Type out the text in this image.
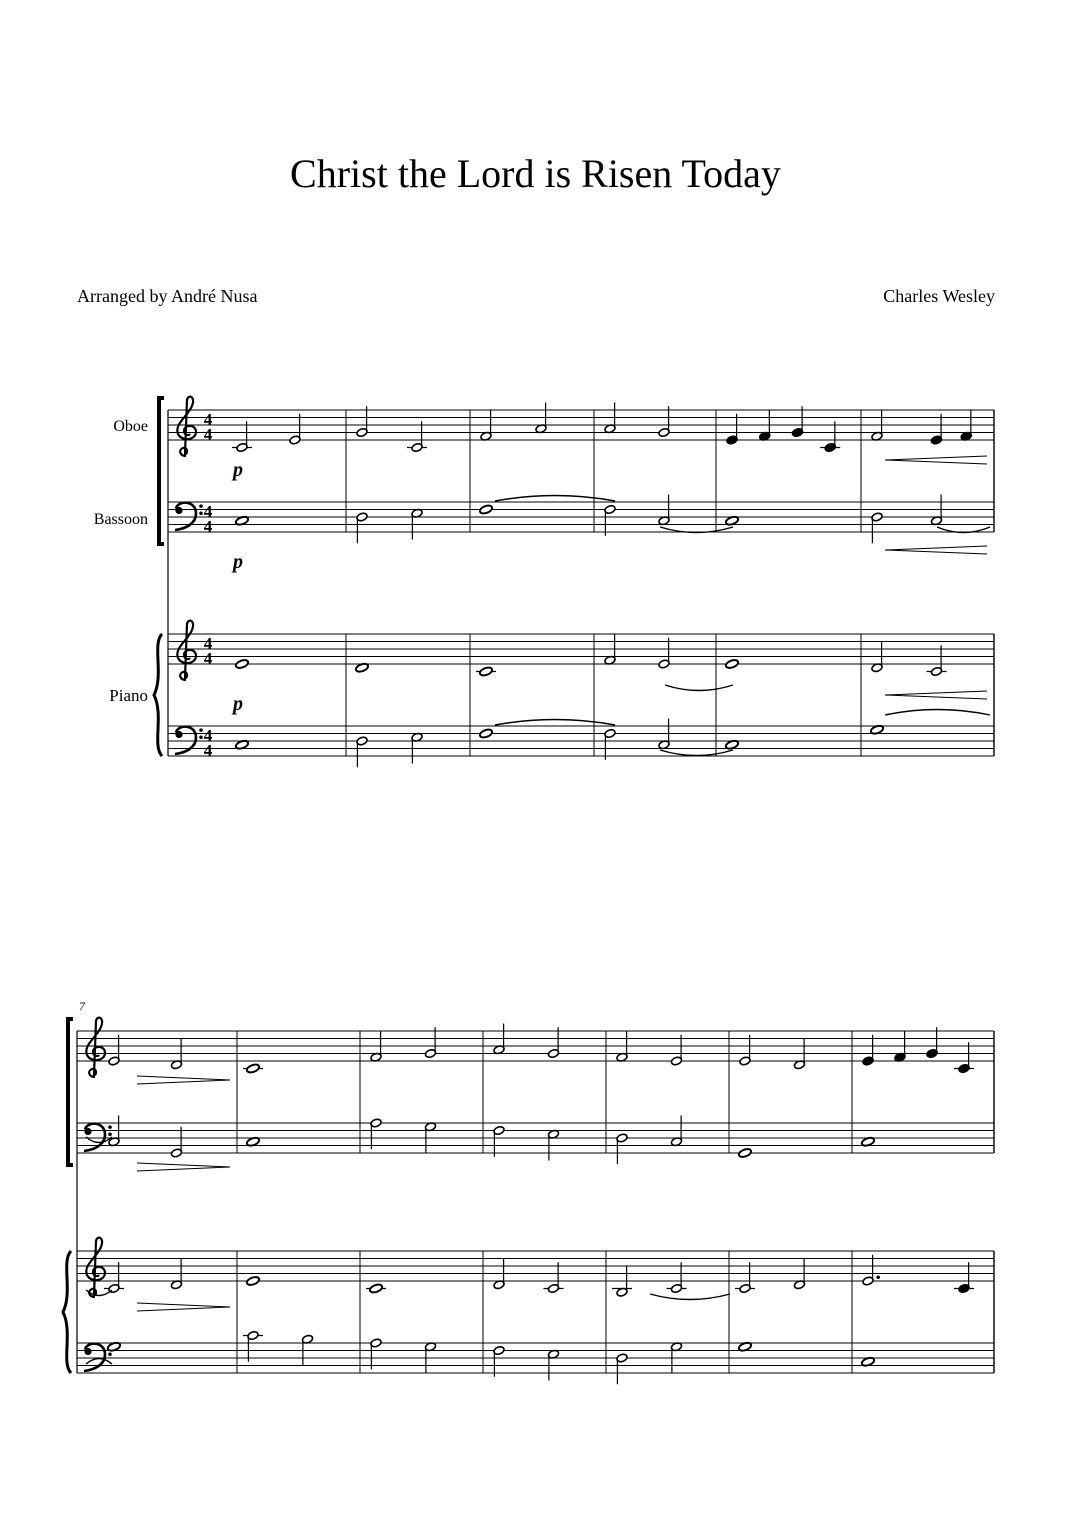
Christ the Lord is Risen Today
Arranged by André Nusa	Charles Wesley
4
4
4
4
4
4
4
4
Oboe
Bassoon
Piano
p
p
p
7
